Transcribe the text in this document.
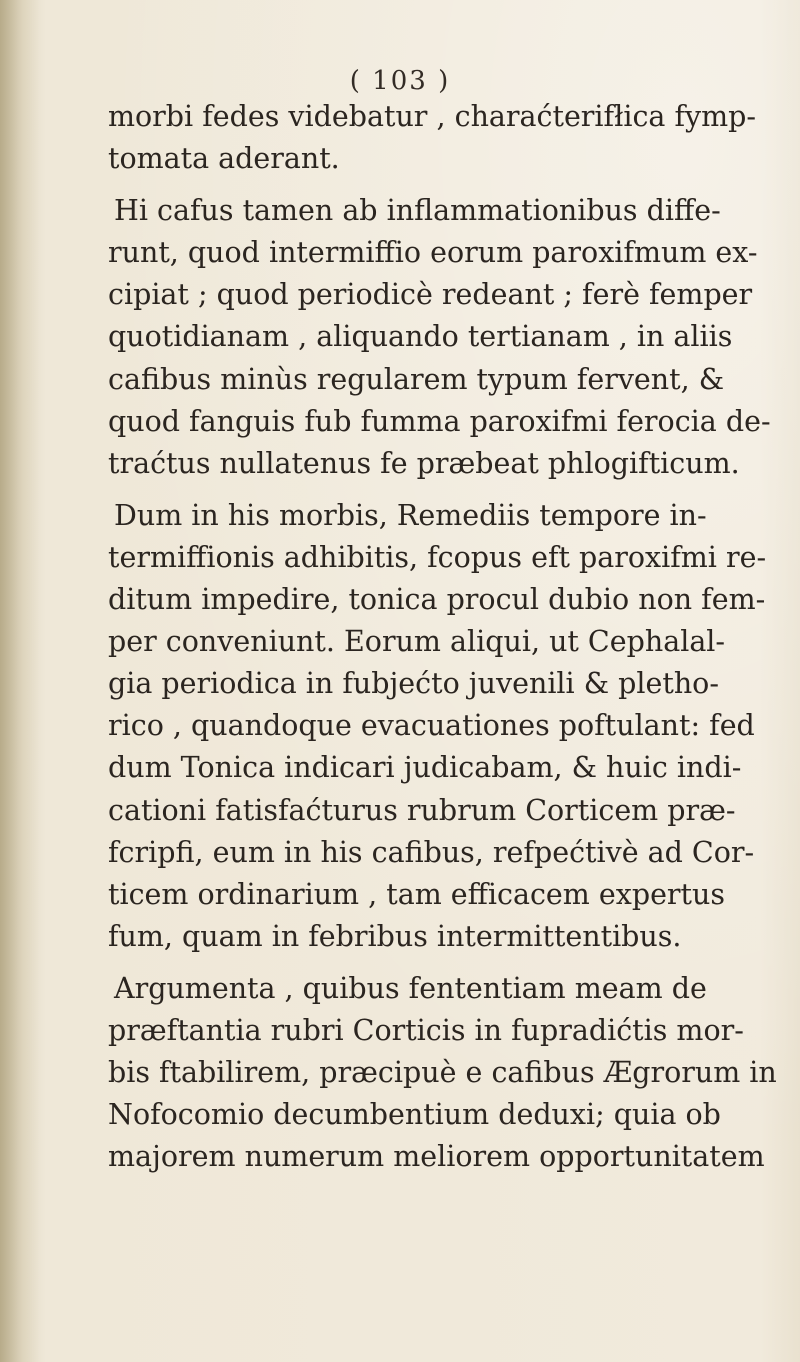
( 103 )
morbi fedes videbatur , charaćterifłica fymp-
tomata aderant.
Hi cafus tamen ab inflammationibus diffe-
runt, quod intermiffio eorum paroxifmum ex-
cipiat ; quod periodicè redeant ; ferè femper
quotidianam , aliquando tertianam , in aliis
cafibus minùs regularem typum fervent, &
quod fanguis fub fumma paroxifmi ferocia de-
traćtus nullatenus fe præbeat phlogifticum.
Dum in his morbis, Remediis tempore in-
termiffionis adhibitis, fcopus eft paroxifmi re-
ditum impedire, tonica procul dubio non fem-
per conveniunt. Eorum aliqui, ut Cephalal-
gia periodica in fubjećto juvenili & pletho-
rico , quandoque evacuationes poftulant: fed
dum Tonica indicari judicabam, & huic indi-
cationi fatisfaćturus rubrum Corticem præ-
fcripfi, eum in his cafibus, refpećtivè ad Cor-
ticem ordinarium , tam efficacem expertus
fum, quam in febribus intermittentibus.
Argumenta , quibus fententiam meam de
præftantia rubri Corticis in fupradićtis mor-
bis ftabilirem, præcipuè e cafibus Ægrorum in
Nofocomio decumbentium deduxi; quia ob
majorem numerum meliorem opportunitatem
